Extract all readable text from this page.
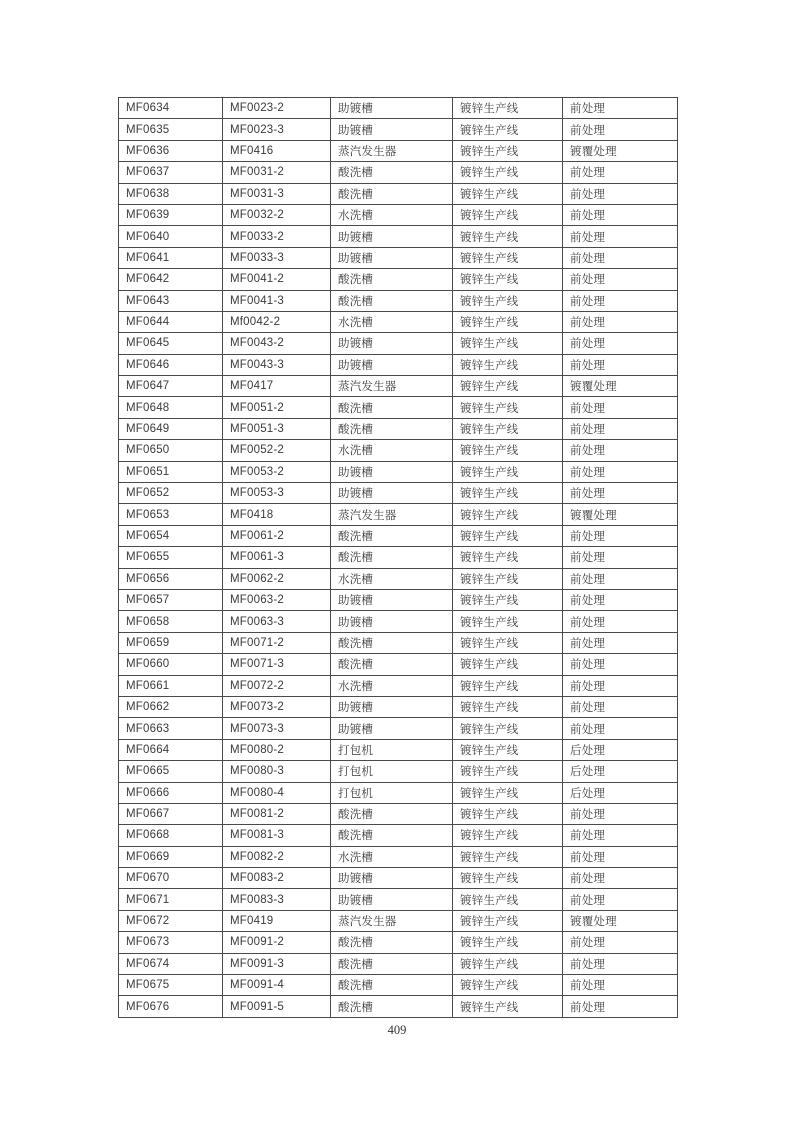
MF0634	MF0023-2	助镀槽	镀锌生产线	前处理
MF0635	MF0023-3	助镀槽	镀锌生产线	前处理
MF0636	MF0416	蒸汽发生器	镀锌生产线	镀覆处理
MF0637	MF0031-2	酸洗槽	镀锌生产线	前处理
MF0638	MF0031-3	酸洗槽	镀锌生产线	前处理
MF0639	MF0032-2	水洗槽	镀锌生产线	前处理
MF0640	MF0033-2	助镀槽	镀锌生产线	前处理
MF0641	MF0033-3	助镀槽	镀锌生产线	前处理
MF0642	MF0041-2	酸洗槽	镀锌生产线	前处理
MF0643	MF0041-3	酸洗槽	镀锌生产线	前处理
MF0644	Mf0042-2	水洗槽	镀锌生产线	前处理
MF0645	MF0043-2	助镀槽	镀锌生产线	前处理
MF0646	MF0043-3	助镀槽	镀锌生产线	前处理
MF0647	MF0417	蒸汽发生器	镀锌生产线	镀覆处理
MF0648	MF0051-2	酸洗槽	镀锌生产线	前处理
MF0649	MF0051-3	酸洗槽	镀锌生产线	前处理
MF0650	MF0052-2	水洗槽	镀锌生产线	前处理
MF0651	MF0053-2	助镀槽	镀锌生产线	前处理
MF0652	MF0053-3	助镀槽	镀锌生产线	前处理
MF0653	MF0418	蒸汽发生器	镀锌生产线	镀覆处理
MF0654	MF0061-2	酸洗槽	镀锌生产线	前处理
MF0655	MF0061-3	酸洗槽	镀锌生产线	前处理
MF0656	MF0062-2	水洗槽	镀锌生产线	前处理
MF0657	MF0063-2	助镀槽	镀锌生产线	前处理
MF0658	MF0063-3	助镀槽	镀锌生产线	前处理
MF0659	MF0071-2	酸洗槽	镀锌生产线	前处理
MF0660	MF0071-3	酸洗槽	镀锌生产线	前处理
MF0661	MF0072-2	水洗槽	镀锌生产线	前处理
MF0662	MF0073-2	助镀槽	镀锌生产线	前处理
MF0663	MF0073-3	助镀槽	镀锌生产线	前处理
MF0664	MF0080-2	打包机	镀锌生产线	后处理
MF0665	MF0080-3	打包机	镀锌生产线	后处理
MF0666	MF0080-4	打包机	镀锌生产线	后处理
MF0667	MF0081-2	酸洗槽	镀锌生产线	前处理
MF0668	MF0081-3	酸洗槽	镀锌生产线	前处理
MF0669	MF0082-2	水洗槽	镀锌生产线	前处理
MF0670	MF0083-2	助镀槽	镀锌生产线	前处理
MF0671	MF0083-3	助镀槽	镀锌生产线	前处理
MF0672	MF0419	蒸汽发生器	镀锌生产线	镀覆处理
MF0673	MF0091-2	酸洗槽	镀锌生产线	前处理
MF0674	MF0091-3	酸洗槽	镀锌生产线	前处理
MF0675	MF0091-4	酸洗槽	镀锌生产线	前处理
MF0676	MF0091-5	酸洗槽	镀锌生产线	前处理
409
